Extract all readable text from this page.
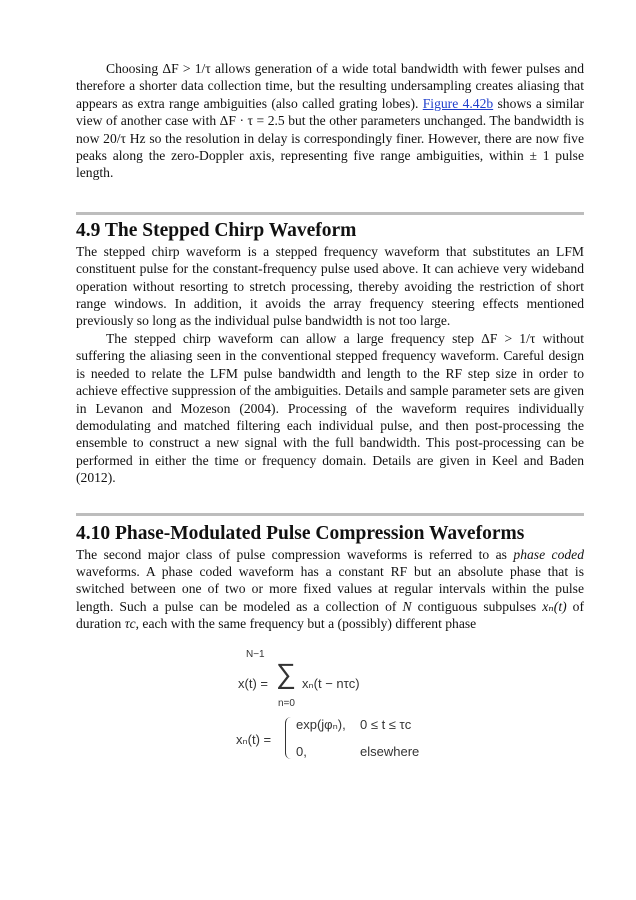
Choosing ΔF > 1/τ allows generation of a wide total bandwidth with fewer pulses and therefore a shorter data collection time, but the resulting undersampling creates aliasing that appears as extra range ambiguities (also called grating lobes). Figure 4.42b shows a similar view of another case with ΔF · τ = 2.5 but the other parameters unchanged. The bandwidth is now 20/τ Hz so the resolution in delay is correspondingly finer. However, there are now five peaks along the zero-Doppler axis, representing five range ambiguities, within ± 1 pulse length.

4.9 The Stepped Chirp Waveform

The stepped chirp waveform is a stepped frequency waveform that substitutes an LFM constituent pulse for the constant-frequency pulse used above. It can achieve very wideband operation without resorting to stretch processing, thereby avoiding the restriction of short range windows. In addition, it avoids the array frequency steering effects mentioned previously so long as the individual pulse bandwidth is not too large.

The stepped chirp waveform can allow a large frequency step ΔF > 1/τ without suffering the aliasing seen in the conventional stepped frequency waveform. Careful design is needed to relate the LFM pulse bandwidth and length to the RF step size in order to achieve effective suppression of the ambiguities. Details and sample parameter sets are given in Levanon and Mozeson (2004). Processing of the waveform requires individually demodulating and matched filtering each individual pulse, and then post-processing the ensemble to construct a new signal with the full bandwidth. This post-processing can be performed in either the time or frequency domain. Details are given in Keel and Baden (2012).

4.10 Phase-Modulated Pulse Compression Waveforms

The second major class of pulse compression waveforms is referred to as phase coded waveforms. A phase coded waveform has a constant RF but an absolute phase that is switched between one of two or more fixed values at regular intervals within the pulse length. Such a pulse can be modeled as a collection of N contiguous subpulses xₙ(t) of duration τc, each with the same frequency but a (possibly) different phase

N−1
x(t) = ∑ xₙ(t − nτc)
n=0
xₙ(t) =
exp(jφₙ), 0 ≤ t ≤ τc
0,	elsewhere
